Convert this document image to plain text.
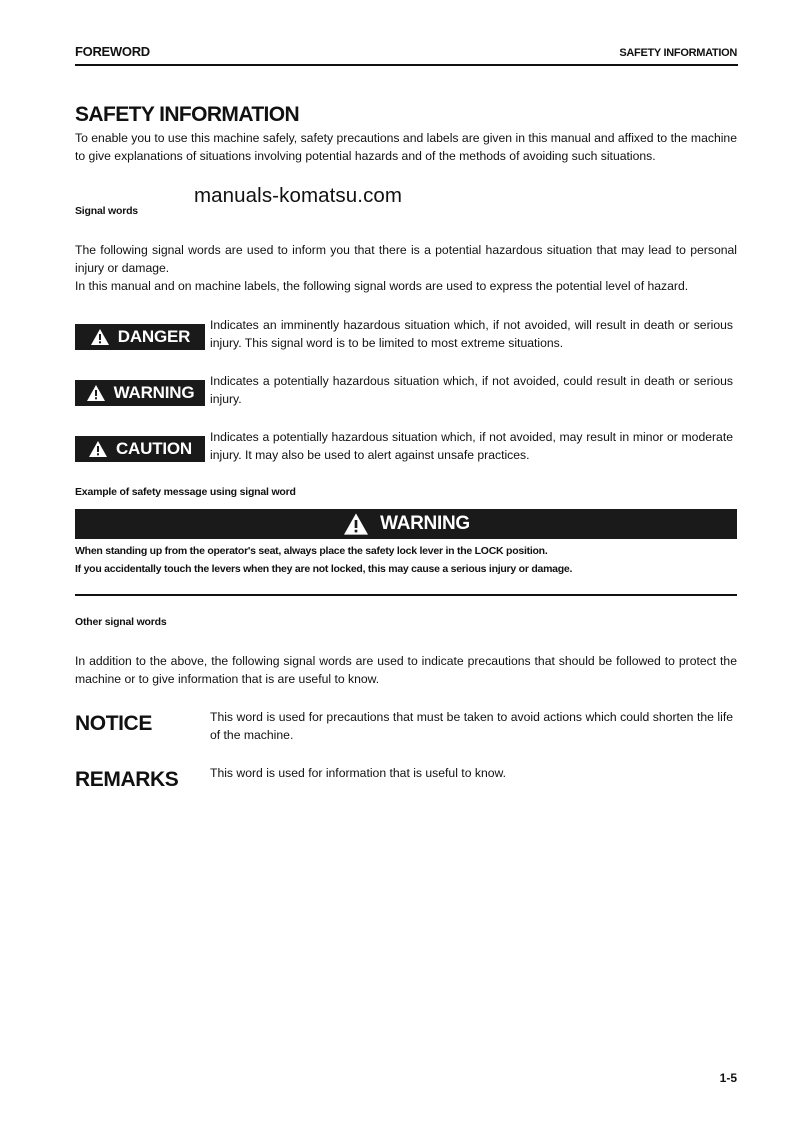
FOREWORD	SAFETY INFORMATION
SAFETY INFORMATION

To enable you to use this machine safely, safety precautions and labels are given in this manual and affixed to the machine to give explanations of situations involving potential hazards and of the methods of avoiding such situations.

manuals-komatsu.com
Signal words

The following signal words are used to inform you that there is a potential hazardous situation that may lead to personal injury or damage.

In this manual and on machine labels, the following signal words are used to express the potential level of hazard.

DANGER
Indicates an imminently hazardous situation which, if not avoided, will result in death or serious injury. This signal word is to be limited to most extreme situations.
WARNING
Indicates a potentially hazardous situation which, if not avoided, could result in death or serious injury.
CAUTION
Indicates a potentially hazardous situation which, if not avoided, may result in minor or moderate injury. It may also be used to alert against unsafe practices.
Example of safety message using signal word
WARNING

When standing up from the operator's seat, always place the safety lock lever in the LOCK position.

If you accidentally touch the levers when they are not locked, this may cause a serious injury or damage.

Other signal words

In addition to the above, the following signal words are used to indicate precautions that should be followed to protect the machine or to give information that is are useful to know.

NOTICE	This word is used for precautions that must be taken to avoid actions which could shorten the life of the machine.
REMARKS	This word is used for information that is useful to know.
1-5
